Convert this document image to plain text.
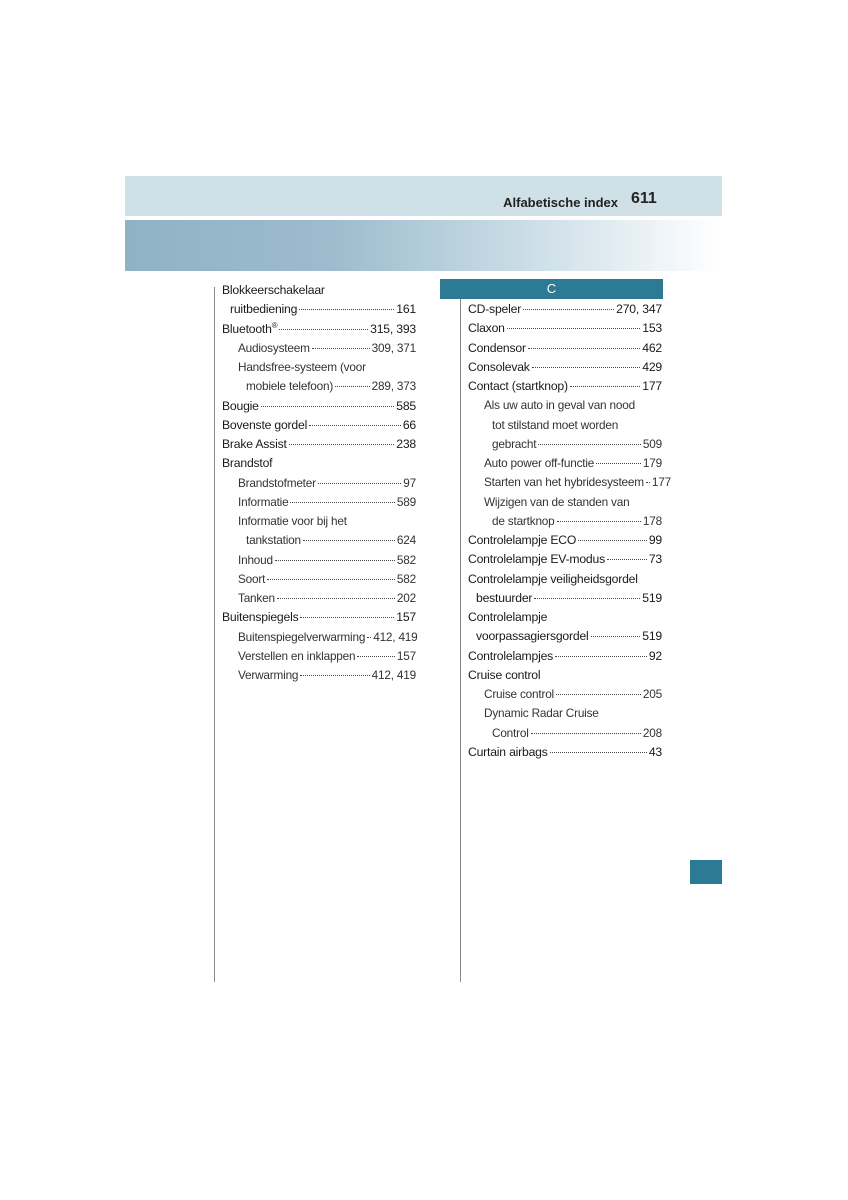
Alfabetische index 611
C
Blokkeerschakelaar
ruitbediening	161
Bluetooth®	315, 393
Audiosysteem	309, 371
Handsfree-systeem (voor
mobiele telefoon)	289, 373
Bougie	585
Bovenste gordel	66
Brake Assist	238
Brandstof
Brandstofmeter	97
Informatie	589
Informatie voor bij het
tankstation	624
Inhoud	582
Soort	582
Tanken	202
Buitenspiegels	157
Buitenspiegelverwarming 412, 419
Verstellen en inklappen	157
Verwarming	412, 419
CD-speler	270, 347
Claxon	153
Condensor	462
Consolevak	429
Contact (startknop)	177
Als uw auto in geval van nood
tot stilstand moet worden
gebracht	509
Auto power off-functie	179
Starten van het hybridesysteem 177
Wijzigen van de standen van
de startknop	178
Controlelampje ECO	99
Controlelampje EV-modus	73
Controlelampje veiligheidsgordel
bestuurder	519
Controlelampje
voorpassagiersgordel	519
Controlelampjes	92
Cruise control
Cruise control	205
Dynamic Radar Cruise
Control	208
Curtain airbags	43
